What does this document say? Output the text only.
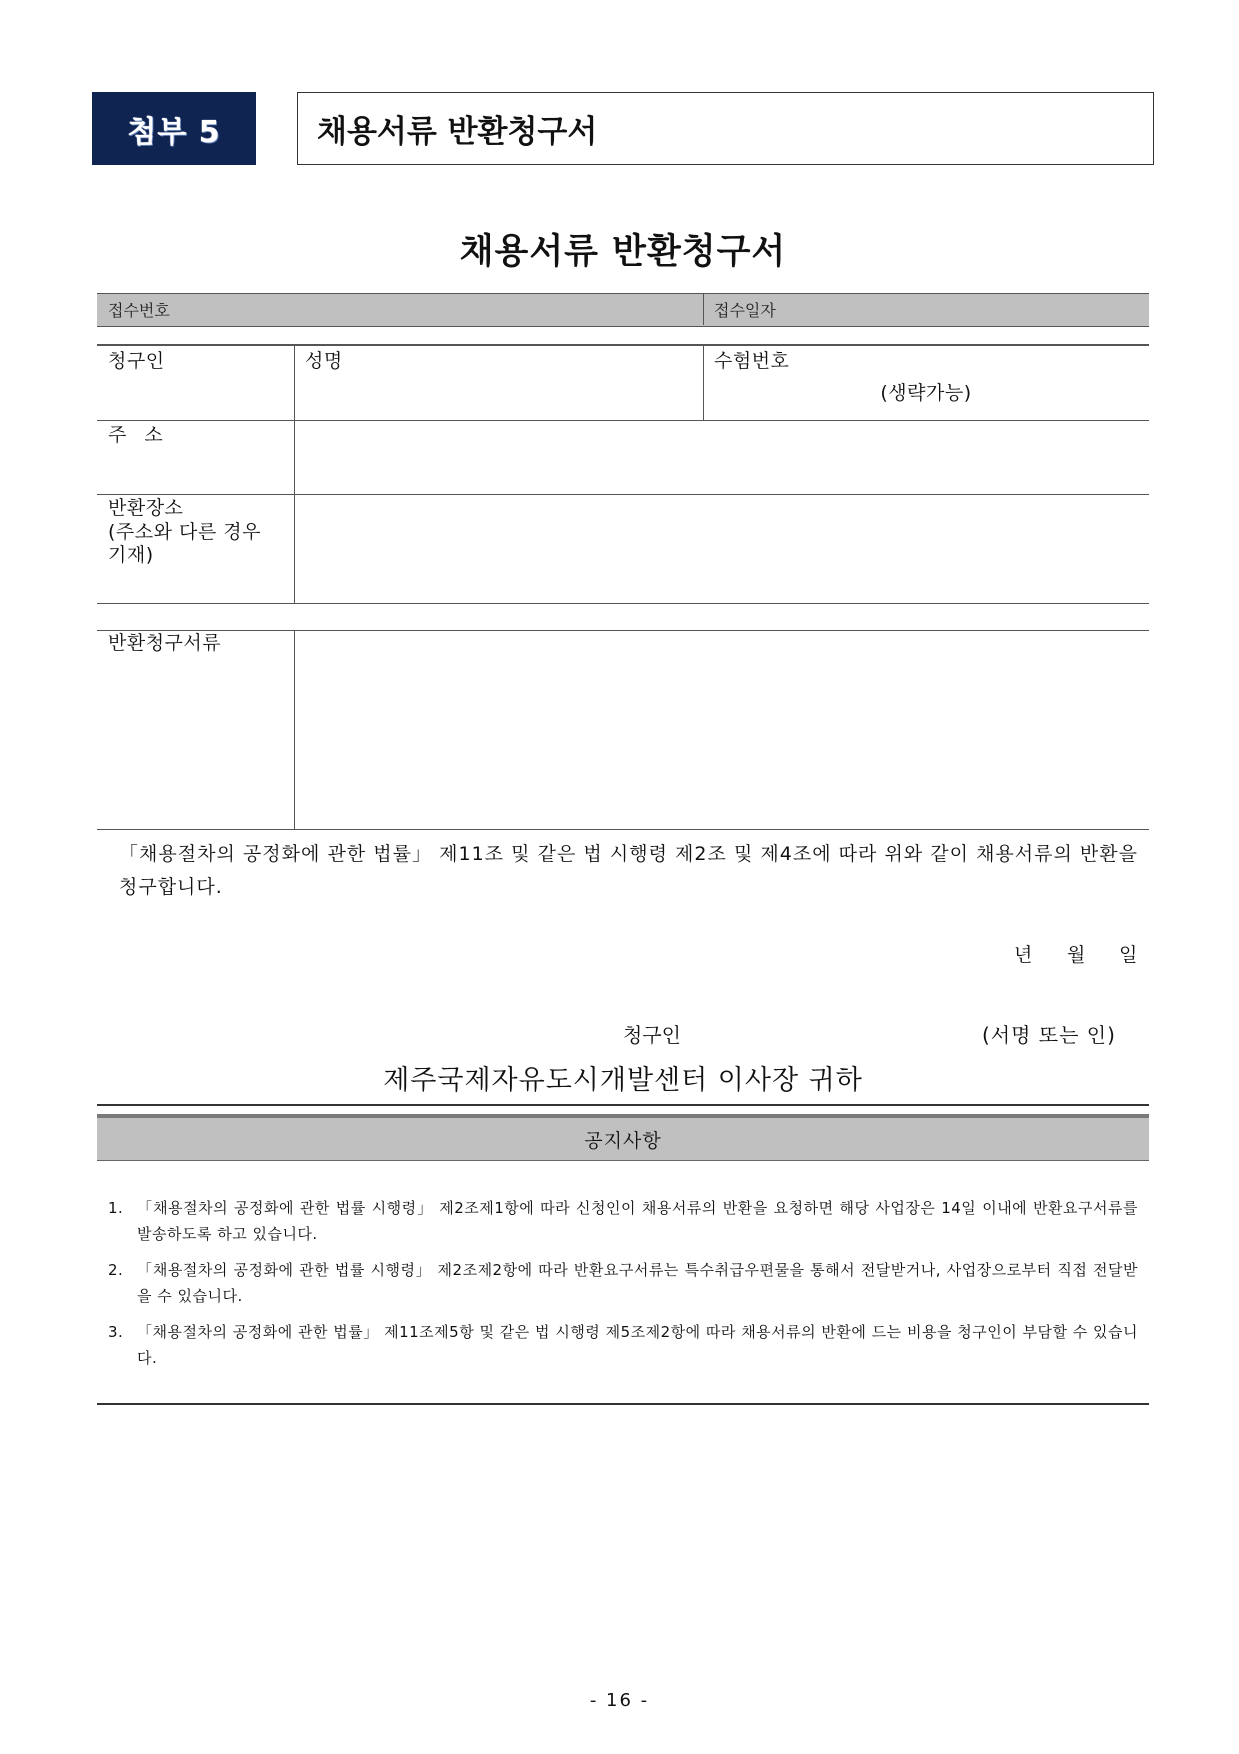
첨부 5	채용서류 반환청구서
채용서류 반환청구서
접수번호	접수일자
청구인	성명	수험번호
(생략가능)
주 소
반환장소
(주소와 다른 경우
기재)
반환청구서류
「채용절차의 공정화에 관한 법률」 제11조 및 같은 법 시행령 제2조 및 제4조에 따라 위와 같이 채용서류의 반환을 청구합니다.
년 월 일
청구인	(서명 또는 인)
제주국제자유도시개발센터 이사장 귀하
공지사항
1. 「채용절차의 공정화에 관한 법률 시행령」 제2조제1항에 따라 신청인이 채용서류의 반환을 요청하면 해당 사업장은 14일 이내에 반환요구서류를 발송하도록 하고 있습니다.
2. 「채용절차의 공정화에 관한 법률 시행령」 제2조제2항에 따라 반환요구서류는 특수취급우편물을 통해서 전달받거나, 사업장으로부터 직접 전달받을 수 있습니다.
3. 「채용절차의 공정화에 관한 법률」 제11조제5항 및 같은 법 시행령 제5조제2항에 따라 채용서류의 반환에 드는 비용을 청구인이 부담할 수 있습니다.
- 16 -
